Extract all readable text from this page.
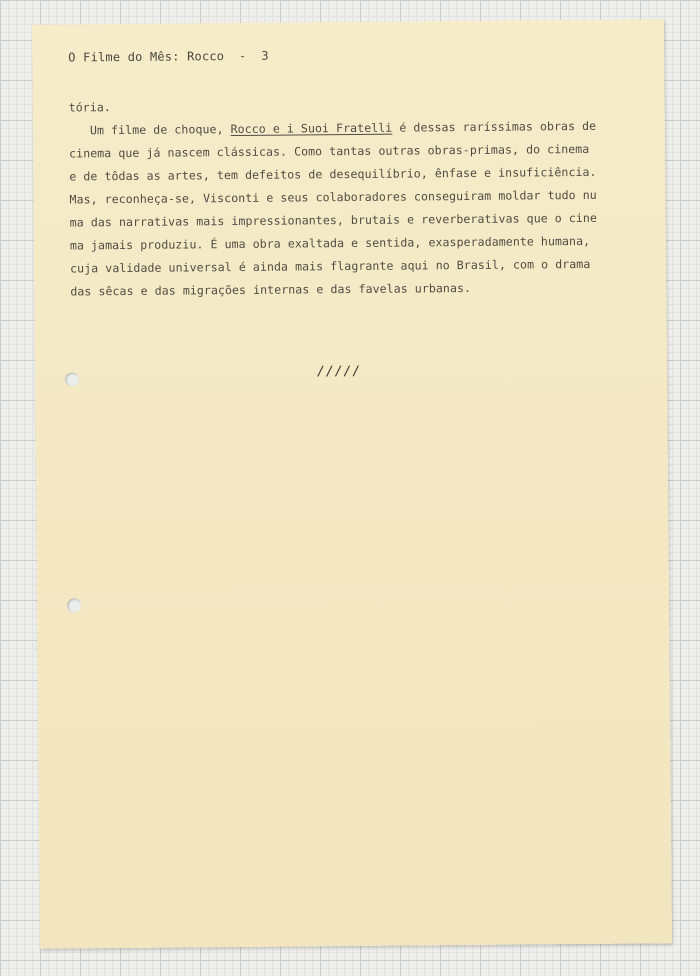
O Filme do Mês: Rocco  -  3
tória.
Um filme de choque, Rocco e i Suoi Fratelli é dessas raríssimas obras de
cinema que já nascem clássicas. Como tantas outras obras-primas, do cinema
e de tôdas as artes, tem defeitos de desequilíbrio, ênfase e insuficiência.
Mas, reconheça-se, Visconti e seus colaboradores conseguiram moldar tudo nu
ma das narrativas mais impressionantes, brutais e reverberativas que o cine
ma jamais produziu. É uma obra exaltada e sentida, exasperadamente humana,
cuja validade universal é ainda mais flagrante aqui no Brasil, com o drama
das sêcas e das migrações internas e das favelas urbanas.
/////
